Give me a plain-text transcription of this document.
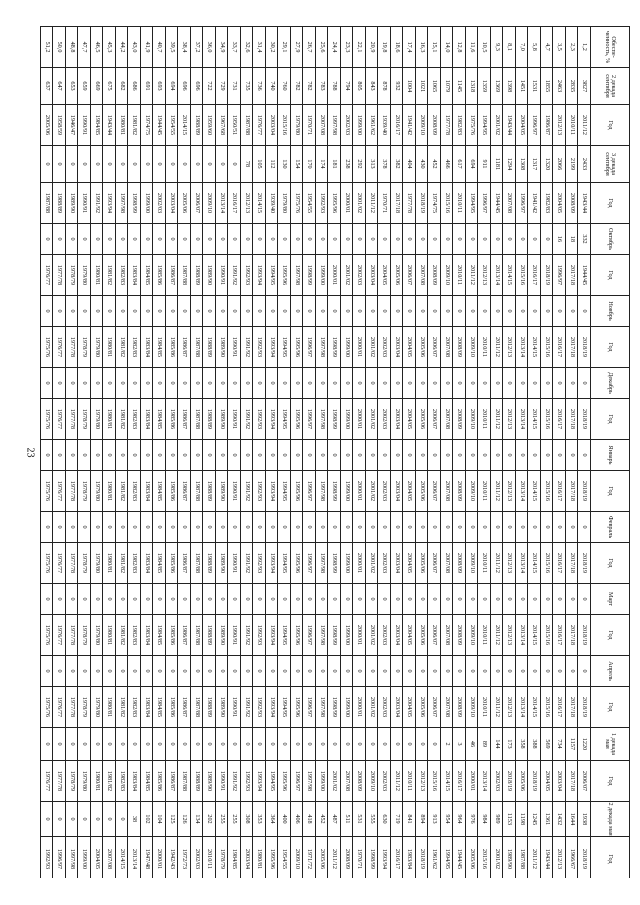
23
Обеспе-ченность, %	2 декада сентября	Год	3 декада сентября	Год	Октябрь	Год	Ноябрь	Год	Декабрь	Год	Январь	Год	Февраль	Год	Март	Год	Апрель	Год	1 декада мая	Год	2 декада мая	Год
1,2	3827	2011/12	2433	1943/44	332	1944/45	0	2018/19	0	2018/19	0	2018/19	0	2018/19	0	2018/19	0	2018/19	1220	2006/07	1938	2018/19
2,3	2835	2010/11	2199	2008/09	18	2017/18	0	2017/18	0	2017/18	0	2017/18	0	2017/18	0	2017/18	0	2017/18	1157	2017/18	1644	1966/67
3,5	2463	2012/13	2066	2004/05	16	1996/97	0	2016/17	0	2016/17	0	2016/17	0	2016/17	0	2016/17	0	2016/17	734	2003/04	1432	2012/13
4,7	1855	1986/87	1320	1982/83	0	2018/19	0	2015/16	0	2015/16	0	2015/16	0	2015/16	0	2015/16	0	2015/16	569	2004/05	1361	1943/44
5,8	1531	1996/97	1317	1941/42	0	2016/17	0	2014/15	0	2014/15	0	2014/15	0	2014/15	0	2014/15	0	2014/15	388	2018/19	1245	2011/12
7,0	1451	2004/05	1308	1996/97	0	2015/16	0	2013/14	0	2013/14	0	2013/14	0	2013/14	0	2013/14	0	2013/14	358	2005/06	1198	1987/88
8,1	1398	1943/44	1294	2007/08	0	2014/15	0	2012/13	0	2012/13	0	2012/13	0	2012/13	0	2012/13	0	2012/13	173	2018/19	1153	1989/90
9,3	1369	2001/02	1181	1944/45	0	2013/14	0	2011/12	0	2011/12	0	2011/12	0	2011/12	0	2011/12	0	2011/12	144	2002/03	989	2001/02
10,5	1359	1994/95	911	1996/97	0	2012/13	0	2010/11	0	2010/11	0	2010/11	0	2010/11	0	2010/11	0	2010/11	89	2013/14	984	2015/16
11,6	1318	1975/76	694	1994/95	0	2011/12	0	2009/10	0	2009/10	0	2009/10	0	2009/10	0	2009/10	0	2009/10	46	2000/01	976	2005/06
12,8	1145	1982/83	617	2010/11	0	2010/11	0	2008/09	0	2008/09	0	2008/09	0	2008/09	0	2008/09	0	2008/09	3	2016/17	964	1944/45
14,0	1079	1977/78	466	2015/16	0	2009/10	0	2007/08	0	2007/08	0	2007/08	0	2007/08	0	2007/08	0	2007/08	2	2014/15	954	1994/95
15,1	1065	2008/09	452	1974/75	0	2008/09	0	2006/07	0	2006/07	0	2006/07	0	2006/07	0	2006/07	0	2006/07	0	2015/16	913	1961/62
16,3	1021	2009/10	430	2018/19	0	2007/08	0	2005/06	0	2005/06	0	2005/06	0	2005/06	0	2005/06	0	2005/06	0	2012/13	894	2018/19
17,4	1004	1941/42	404	1977/78	0	2006/07	0	2004/05	0	2004/05	0	2004/05	0	2004/05	0	2004/05	0	2004/05	0	2010/11	841	1983/84
18,6	932	2016/17	382	2017/18	0	2005/06	0	2003/04	0	2003/04	0	2003/04	0	2003/04	0	2003/04	0	2003/04	0	2011/12	719	2016/17
19,8	878	1939/40	378	1970/71	0	2004/05	0	2002/03	0	2002/03	0	2002/03	0	2002/03	0	2002/03	0	2002/03	0	2002/03	630	1993/94
20,9	843	1961/62	313	2011/12	0	2003/04	0	2001/02	0	2001/02	0	2001/02	0	2001/02	0	2001/02	0	2001/02	0	2009/10	555	1998/99
22,1	805	1999/00	292	2001/02	0	2002/03	0	2000/01	0	2000/01	0	2000/01	0	2000/01	0	2000/01	0	2000/01	0	2008/09	531	1970/71
23,3	794	2002/03	238	2000/01	0	2001/02	0	1999/00	0	1999/00	0	1999/00	0	1999/00	0	1999/00	0	1999/00	0	2007/08	511	2008/09
24,4	788	1997/98	181	1995/96	0	2000/01	0	1998/99	0	1998/99	0	1998/99	0	1998/99	0	1998/99	0	1998/99	0	2001/02	487	2011/12
25,6	783	2007/08	174	1992/93	0	1999/00	0	1997/98	0	1997/98	0	1997/98	0	1997/98	0	1997/98	0	1997/98	0	1999/00	452	2005/06
26,7	782	1970/71	170	1954/55	0	1998/99	0	1996/97	0	1996/97	0	1996/97	0	1996/97	0	1996/97	0	1996/97	0	1997/98	418	1971/72
27,9	782	1979/80	154	1975/76	0	1997/98	0	1995/96	0	1995/96	0	1995/96	0	1995/96	0	1995/96	0	1995/96	0	1996/97	406	2009/10
29,1	760	2015/16	130	1979/80	0	1995/96	0	1994/95	0	1994/95	0	1994/95	0	1994/95	0	1994/95	0	1994/95	0	1995/96	400	1954/55
30,2	740	2003/04	112	1939/40	0	1994/95	0	1993/94	0	1993/94	0	1993/94	0	1993/94	0	1993/94	0	1993/94	0	1994/95	364	1995/96
31,4	736	1976/77	105	2014/15	0	1993/94	0	1992/93	0	1992/93	0	1992/93	0	1992/93	0	1992/93	0	1992/93	0	1993/94	353	1980/81
32,6	735	1987/88	78	2012/13	0	1992/93	0	1991/92	0	1991/92	0	1991/92	0	1991/92	0	1991/92	0	1991/92	0	1992/93	308	2003/04
33,7	731	1950/51	0	2016/17	0	1991/92	0	1990/91	0	1990/91	0	1990/91	0	1990/91	0	1990/91	0	1990/91	0	1991/92	255	1984/85
34,9	729	1967/68	0	2013/14	0	1990/91	0	1989/90	0	1989/90	0	1989/90	0	1989/90	0	1989/90	0	1989/90	0	1990/91	255	1978/79
36,0	722	1959/60	0	2009/10	0	1989/90	0	1988/89	0	1988/89	0	1988/89	0	1988/89	0	1988/89	0	1988/89	0	1989/90	202	2010/11
37,2	696	1988/89	0	2006/07	0	1988/89	0	1987/88	0	1987/88	0	1987/88	0	1987/88	0	1987/88	0	1987/88	0	1988/89	134	2002/03
38,4	696	2014/15	0	2005/06	0	1987/88	0	1986/87	0	1986/87	0	1986/87	0	1986/87	0	1986/87	0	1986/87	0	1987/88	126	1972/73
39,5	694	1954/55	0	2003/04	0	1986/87	0	1985/86	0	1985/86	0	1985/86	0	1985/86	0	1985/86	0	1985/86	0	1986/87	125	1942/43
40,7	693	1944/45	0	2002/03	0	1985/86	0	1984/85	0	1984/85	0	1984/85	0	1984/85	0	1984/85	0	1984/85	0	1985/86	104	2000/01
41,9	691	1974/75	0	1999/00	0	1984/85	0	1983/84	0	1983/84	0	1983/84	0	1983/84	0	1983/84	0	1983/84	0	1984/85	102	1947/48
43,0	686	1981/82	0	1998/99	0	1983/84	0	1982/83	0	1982/83	0	1982/83	0	1982/83	0	1982/83	0	1982/83	0	1983/84	38	2013/14
44,2	682	1980/81	0	1997/98	0	1982/83	0	1981/82	0	1981/82	0	1981/82	0	1981/82	0	1981/82	0	1981/82	0	1982/83	0	2014/15
45,3	675	1943/44	0	1993/94	0	1981/82	0	1980/81	0	1980/81	0	1980/81	0	1980/81	0	1980/81	0	1980/81	0	1981/82	0	2007/08
46,5	669	1984/85	0	1991/92	0	1980/81	0	1979/80	0	1979/80	0	1979/80	0	1979/80	0	1979/80	0	1979/80	0	1980/81	0	2004/05
47,7	659	1990/91	0	1990/91	0	1979/80	0	1978/79	0	1978/79	0	1978/79	0	1978/79	0	1978/79	0	1978/79	0	1979/80	0	1999/00
48,8	653	1946/47	0	1989/90	0	1978/79	0	1977/78	0	1977/78	0	1977/78	0	1977/78	0	1977/78	0	1977/78	0	1978/79	0	1997/98
50,0	647	1958/59	0	1988/89	0	1977/78	0	1976/77	0	1976/77	0	1976/77	0	1976/77	0	1976/77	0	1976/77	0	1977/78	0	1996/97
51,2	637	2005/06	0	1987/88	0	1976/77	0	1975/76	0	1975/76	0	1975/76	0	1975/76	0	1975/76	0	1975/76	0	1976/77	0	1992/93
